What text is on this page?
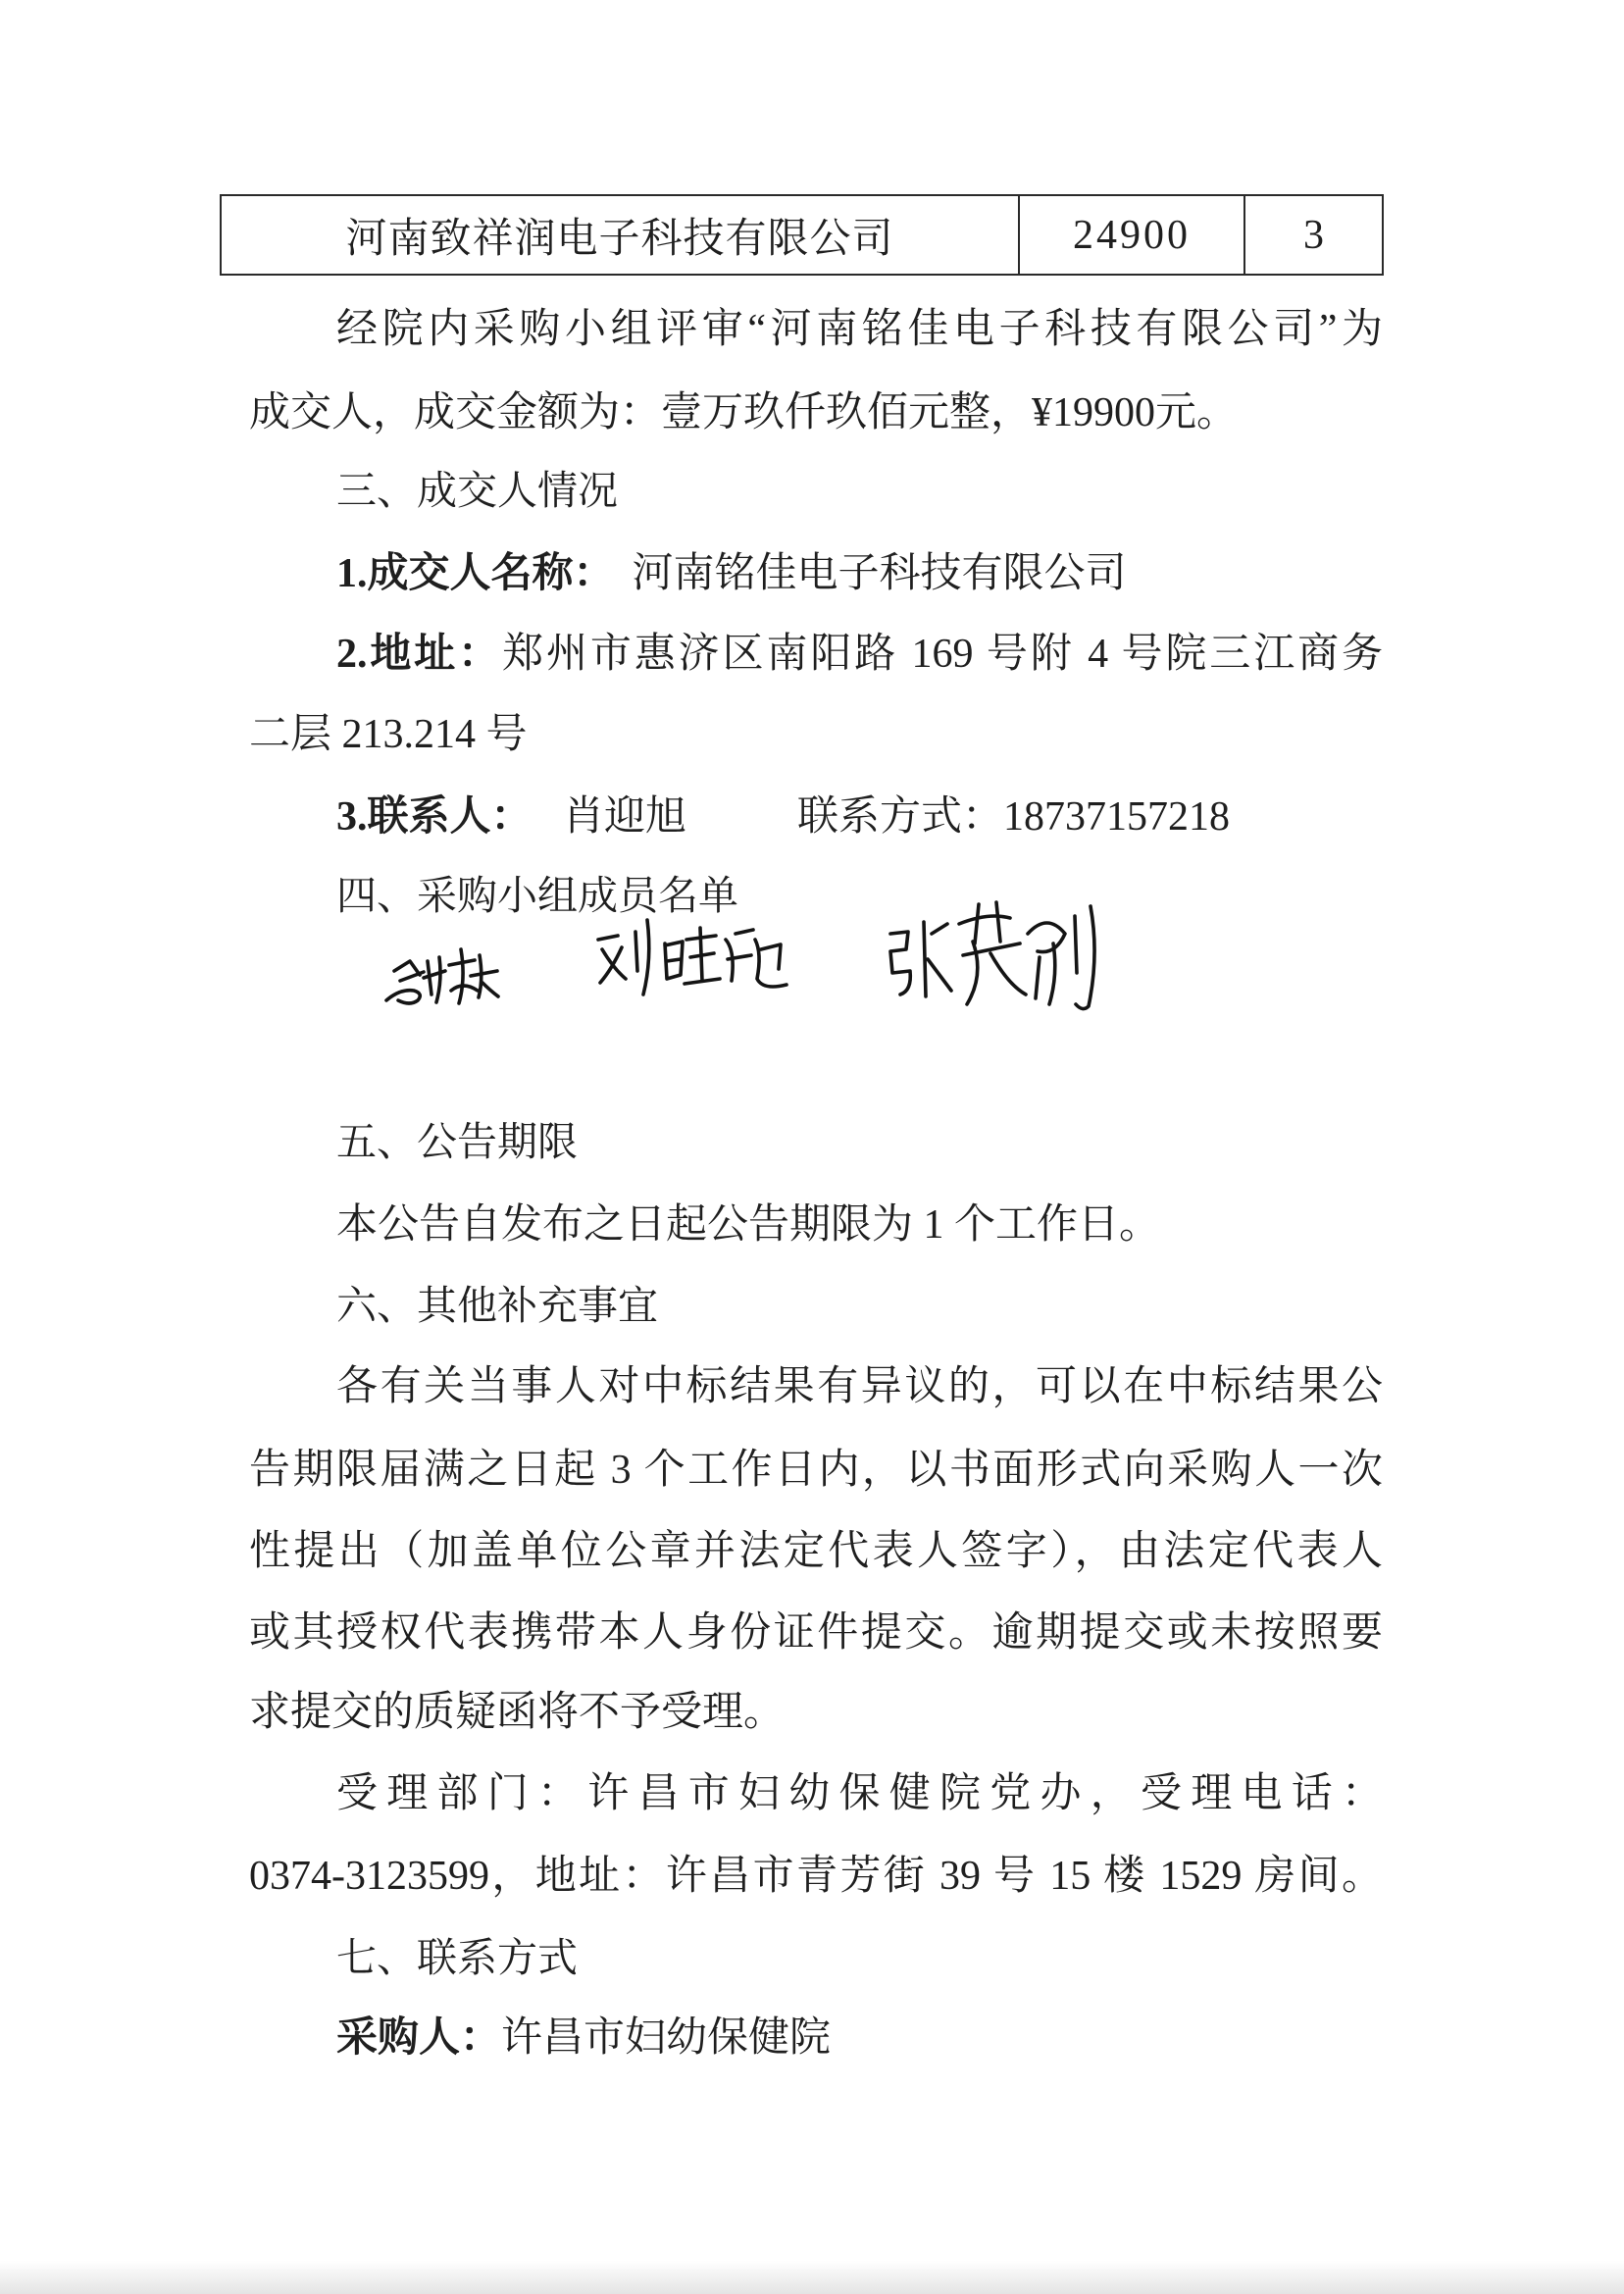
河南致祥润电子科技有限公司	24900	3

经院内采购小组评审“河南铭佳电子科技有限公司”为

成交人，成交金额为：壹万玖仟玖佰元整，¥19900元。

三、成交人情况

1.成交人名称： 河南铭佳电子科技有限公司

2.地址：郑州市惠济区南阳路 169 号附 4 号院三江商务

二层 213.214 号

3.联系人： 肖迎旭	联系方式：18737157218

四、采购小组成员名单

五、公告期限

本公告自发布之日起公告期限为 1 个工作日。

六、其他补充事宜

各有关当事人对中标结果有异议的，可以在中标结果公

告期限届满之日起 3 个工作日内，以书面形式向采购人一次

性提出（加盖单位公章并法定代表人签字），由法定代表人

或其授权代表携带本人身份证件提交。逾期提交或未按照要

求提交的质疑函将不予受理。

受理部门：许昌市妇幼保健院党办，受理电话：

0374-3123599，地址：许昌市青芳街 39 号 15 楼 1529 房间。

七、联系方式

采购人：许昌市妇幼保健院
